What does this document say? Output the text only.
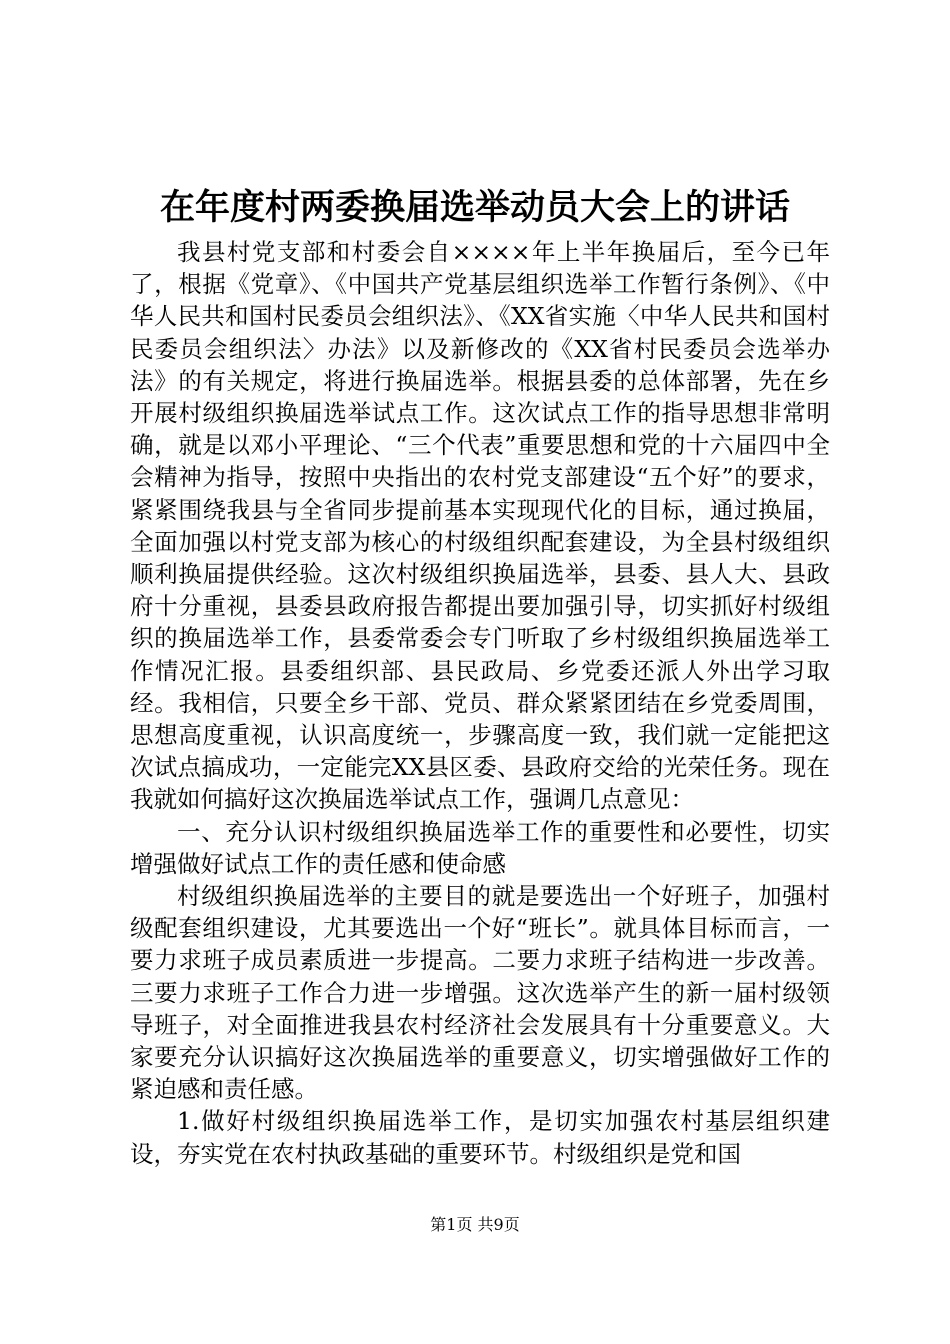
在年度村两委换届选举动员大会上的讲话

我县村党支部和村委会自××××年上半年换届后，至今已年了，根据《党章》、《中国共产党基层组织选举工作暂行条例》、《中华人民共和国村民委员会组织法》、《XX省实施〈中华人民共和国村民委员会组织法〉办法》以及新修改的《XX省村民委员会选举办法》的有关规定，将进行换届选举。根据县委的总体部署，先在乡开展村级组织换届选举试点工作。这次试点工作的指导思想非常明确，就是以邓小平理论、“三个代表”重要思想和党的十六届四中全会精神为指导，按照中央指出的农村党支部建设“五个好”的要求，紧紧围绕我县与全省同步提前基本实现现代化的目标，通过换届，全面加强以村党支部为核心的村级组织配套建设，为全县村级组织顺利换届提供经验。这次村级组织换届选举，县委、县人大、县政府十分重视，县委县政府报告都提出要加强引导，切实抓好村级组织的换届选举工作，县委常委会专门听取了乡村级组织换届选举工作情况汇报。县委组织部、县民政局、乡党委还派人外出学习取经。我相信，只要全乡干部、党员、群众紧紧团结在乡党委周围，思想高度重视，认识高度统一，步骤高度一致，我们就一定能把这次试点搞成功，一定能完XX县区委、县政府交给的光荣任务。现在我就如何搞好这次换届选举试点工作，强调几点意见：

一、充分认识村级组织换届选举工作的重要性和必要性，切实增强做好试点工作的责任感和使命感

村级组织换届选举的主要目的就是要选出一个好班子，加强村级配套组织建设，尤其要选出一个好“班长”。就具体目标而言，一要力求班子成员素质进一步提高。二要力求班子结构进一步改善。三要力求班子工作合力进一步增强。这次选举产生的新一届村级领导班子，对全面推进我县农村经济社会发展具有十分重要意义。大家要充分认识搞好这次换届选举的重要意义，切实增强做好工作的紧迫感和责任感。

1.做好村级组织换届选举工作，是切实加强农村基层组织建设，夯实党在农村执政基础的重要环节。村级组织是党和国

第1页 共9页
